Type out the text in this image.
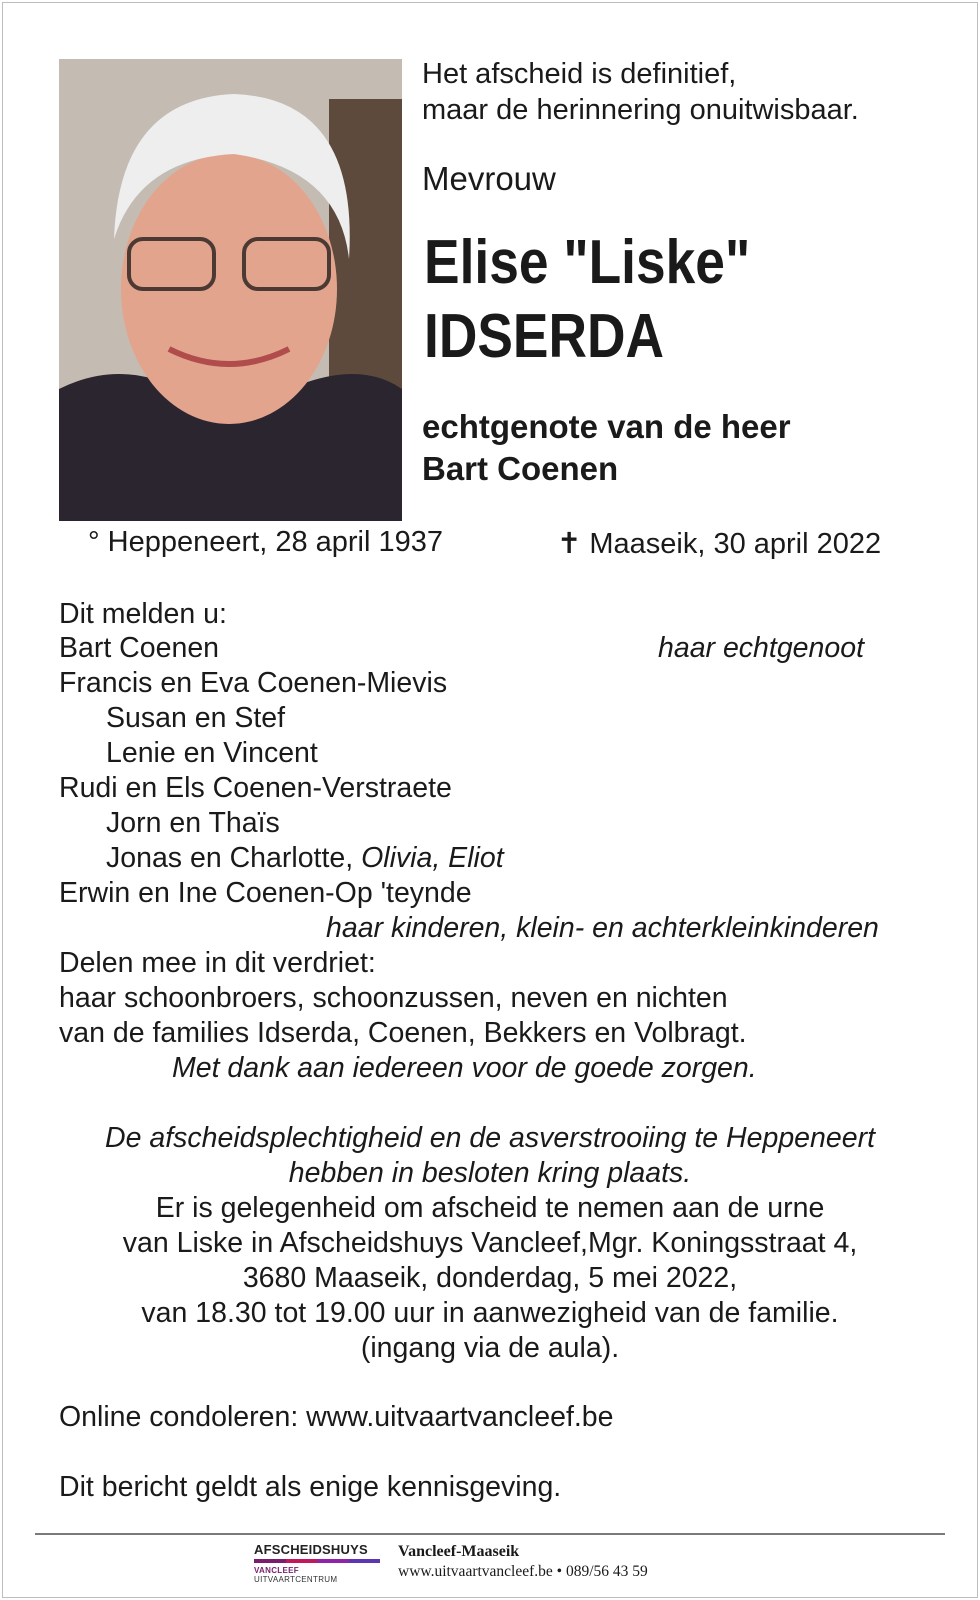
Het afscheid is definitief,
maar de herinnering onuitwisbaar.
Mevrouw
Elise "Liske"
IDSERDA
echtgenote van de heer
Bart Coenen
° Heppeneert, 28 april 1937	✝ Maaseik, 30 april 2022
Dit melden u:
Bart Coenen	haar echtgenoot
Francis en Eva Coenen-Mievis
Susan en Stef
Lenie en Vincent
Rudi en Els Coenen-Verstraete
Jorn en Thaïs
Jonas en Charlotte, Olivia, Eliot
Erwin en Ine Coenen-Op 'teynde
haar kinderen, klein- en achterkleinkinderen
Delen mee in dit verdriet:
haar schoonbroers, schoonzussen, neven en nichten
van de families Idserda, Coenen, Bekkers en Volbragt.
Met dank aan iedereen voor de goede zorgen.
De afscheidsplechtigheid en de asverstrooiing te Heppeneert
hebben in besloten kring plaats.
Er is gelegenheid om afscheid te nemen aan de urne
van Liske in Afscheidshuys Vancleef,Mgr. Koningsstraat 4,
3680 Maaseik, donderdag, 5 mei 2022,
van 18.30 tot 19.00 uur in aanwezigheid van de familie.
(ingang via de aula).
Online condoleren: www.uitvaartvancleef.be
Dit bericht geldt als enige kennisgeving.
AFSCHEIDSHUYS
VANCLEEF UITVAARTCENTRUM
Vancleef-Maaseik
www.uitvaartvancleef.be • 089/56 43 59
